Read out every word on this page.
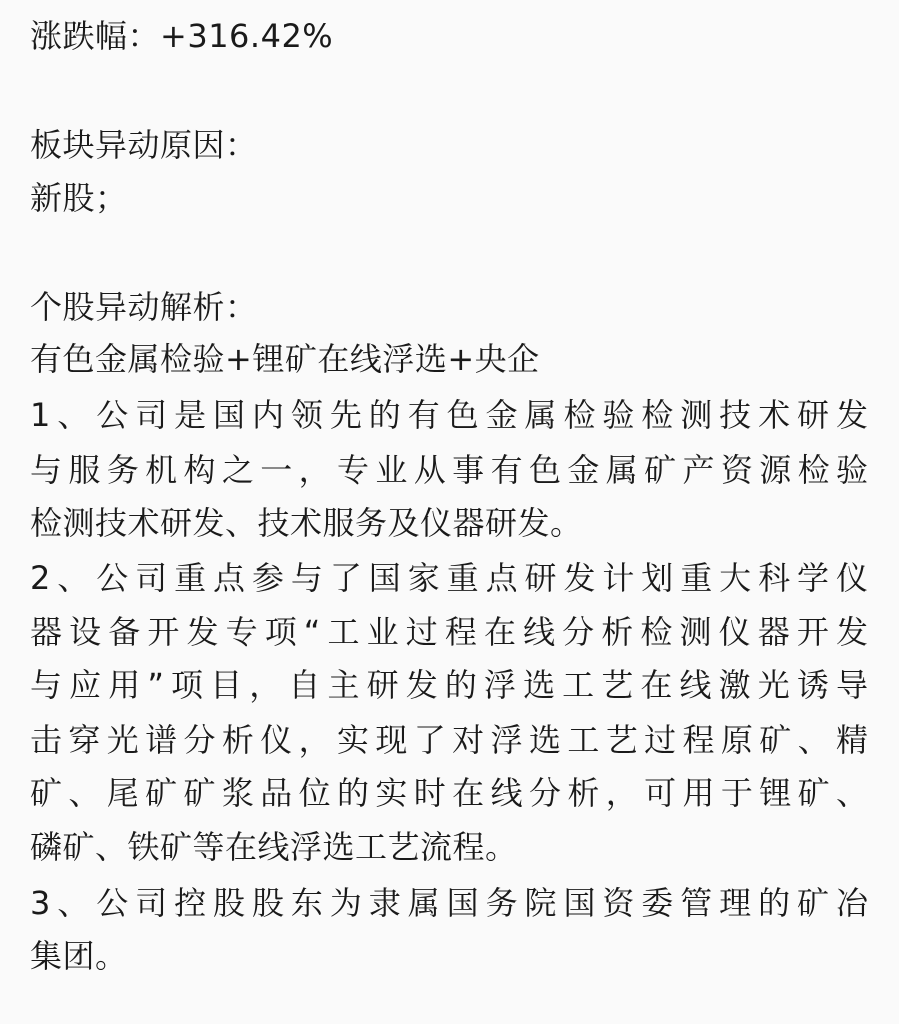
涨跌幅：+316.42%
板块异动原因：
新股；
个股异动解析：
有色金属检验+锂矿在线浮选+央企
1、公司是国内领先的有色金属检验检测技术研发
与服务机构之一，专业从事有色金属矿产资源检验
检测技术研发、技术服务及仪器研发。
2、公司重点参与了国家重点研发计划重大科学仪
器设备开发专项“工业过程在线分析检测仪器开发
与应用”项目，自主研发的浮选工艺在线激光诱导
击穿光谱分析仪，实现了对浮选工艺过程原矿、精
矿、尾矿矿浆品位的实时在线分析，可用于锂矿、
磷矿、铁矿等在线浮选工艺流程。
3、公司控股股东为隶属国务院国资委管理的矿冶
集团。
